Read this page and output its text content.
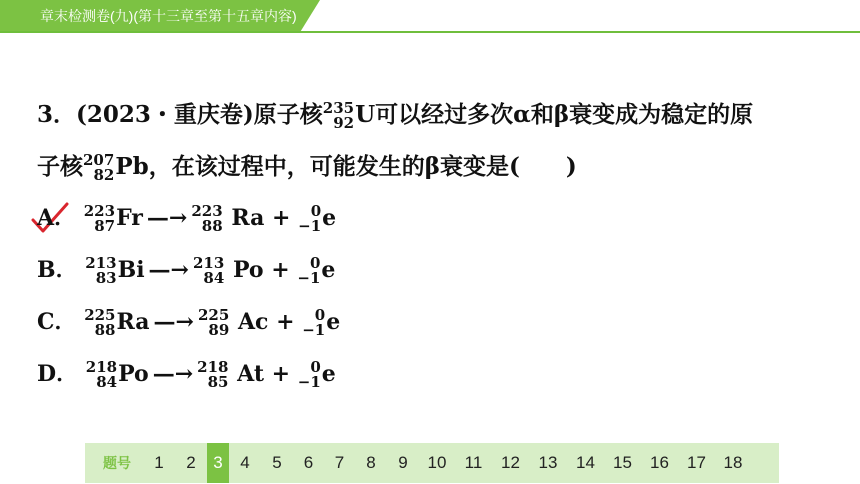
章末检测卷(九)(第十三章至第十五章内容)
3．(2023・重庆卷)原子核 235
92 U可以经过多次α和β衰变成为稳定的原
子核 207
82 Pb，在该过程中，可能发生的β衰变是(　　)
A． 223
87 Fr —→ 223
88 Ra + 0
−1 e
B． 213
83 Bi —→ 213
84 Po + 0
−1 e
C． 225
88 Ra —→ 225
89 Ac + 0
−1 e
D． 218
84 Po —→ 218
85 At + 0
−1 e
题号	1	2	3	4	5	6	7	8	9	10	11	12	13	14	15	16	17	18
